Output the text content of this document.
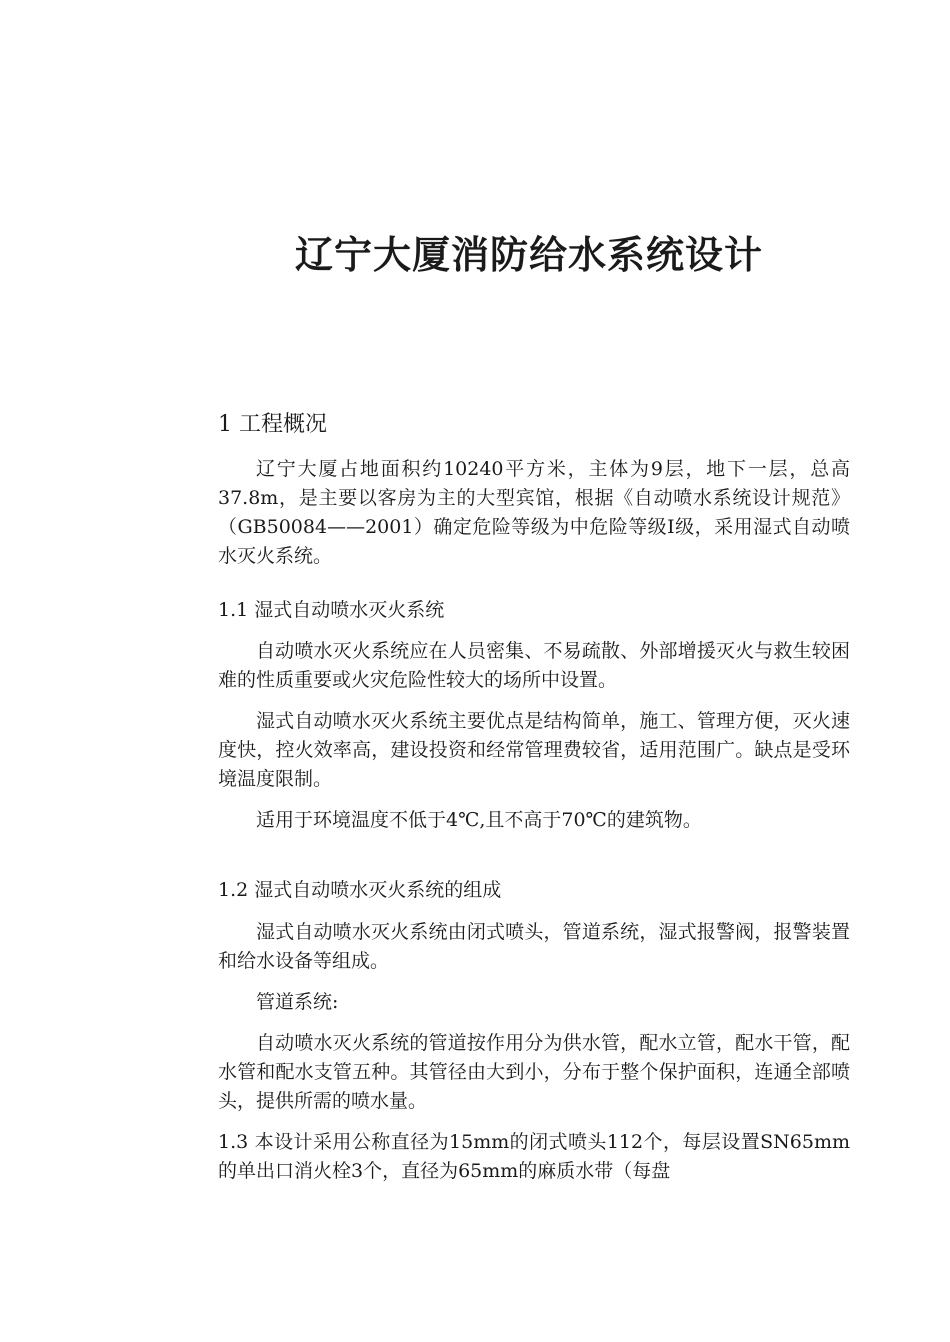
辽宁大厦消防给水系统设计
1 工程概况
辽宁大厦占地面积约10240平方米，主体为9层，地下一层，总高37.8m，是主要以客房为主的大型宾馆，根据《自动喷水系统设计规范》（GB50084——2001）确定危险等级为中危险等级Ⅰ级，采用湿式自动喷水灭火系统。
1.1 湿式自动喷水灭火系统
自动喷水灭火系统应在人员密集、不易疏散、外部增援灭火与救生较困难的性质重要或火灾危险性较大的场所中设置。
湿式自动喷水灭火系统主要优点是结构简单，施工、管理方便，灭火速度快，控火效率高，建设投资和经常管理费较省，适用范围广。缺点是受环境温度限制。
适用于环境温度不低于4℃,且不高于70℃的建筑物。
1.2 湿式自动喷水灭火系统的组成
湿式自动喷水灭火系统由闭式喷头，管道系统，湿式报警阀，报警装置和给水设备等组成。
管道系统:
自动喷水灭火系统的管道按作用分为供水管，配水立管，配水干管，配水管和配水支管五种。其管径由大到小，分布于整个保护面积，连通全部喷头，提供所需的喷水量。
1.3 本设计采用公称直径为15mm的闭式喷头112个，每层设置SN65mm的单出口消火栓3个，直径为65mm的麻质水带（每盘
